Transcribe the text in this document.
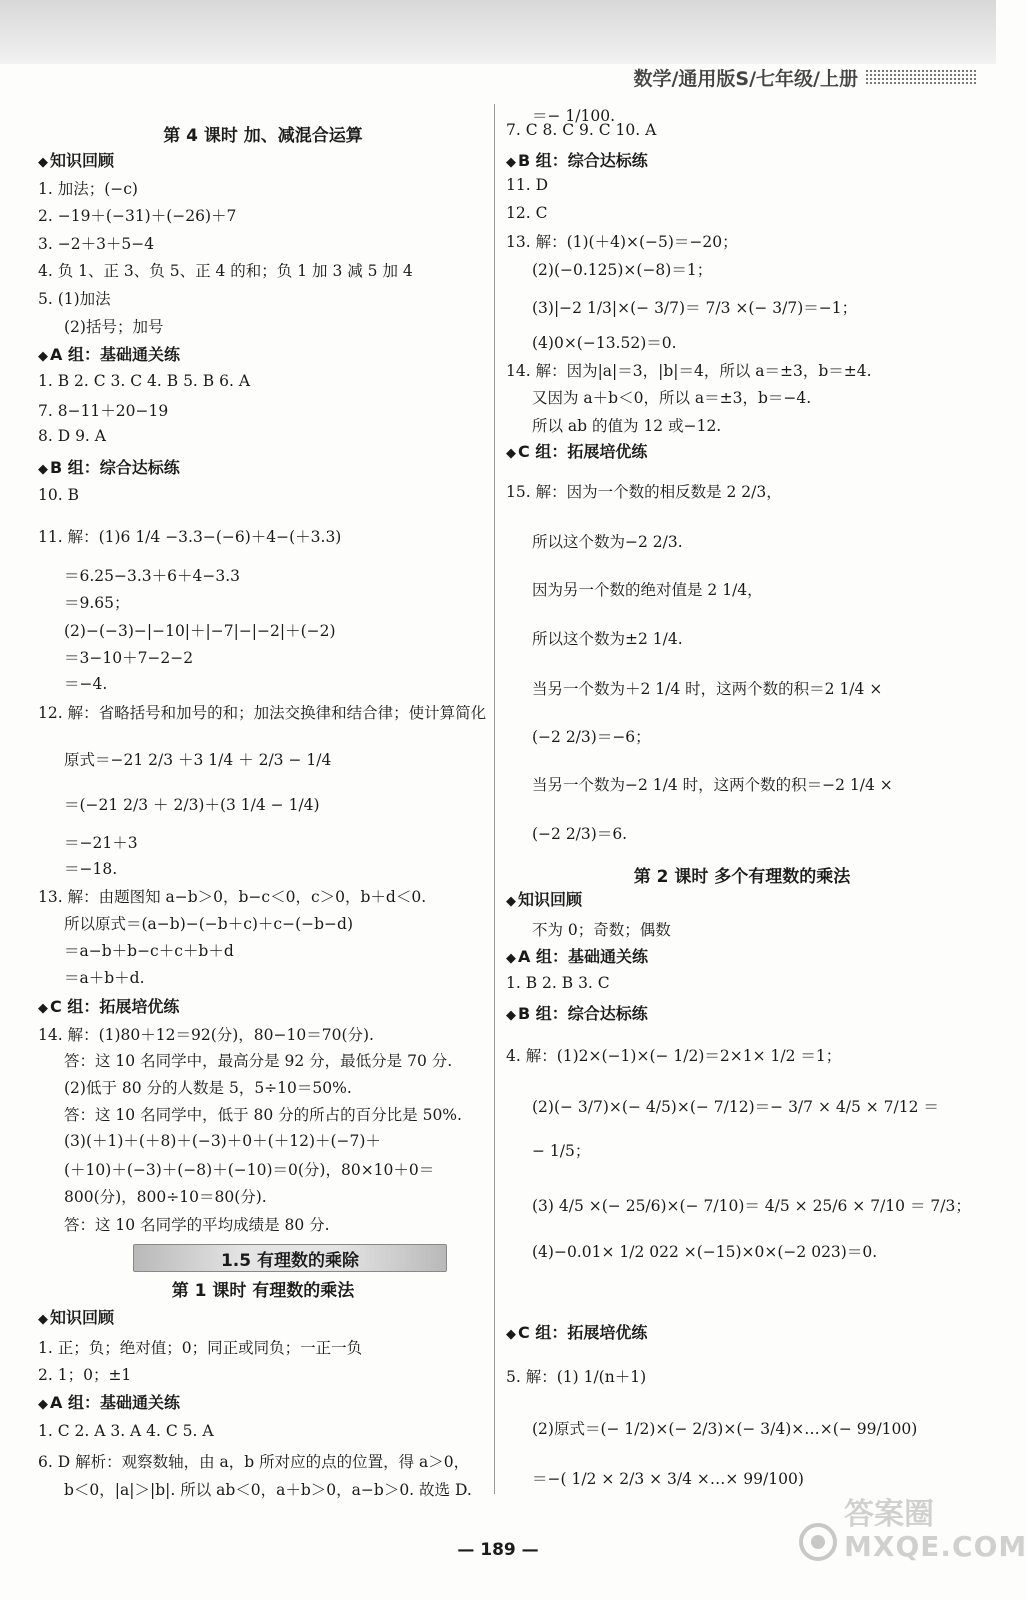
数学/通用版S/七年级/上册
第 4 课时 加、减混合运算
◆ 知识回顾
1. 加法；(−c)
2. −19＋(−31)＋(−26)＋7
3. −2＋3＋5−4
4. 负 1、正 3、负 5、正 4 的和；负 1 加 3 减 5 加 4
5. (1)加法
(2)括号；加号
◆ A 组：基础通关练
1. B 2. C 3. C 4. B 5. B 6. A
7. 8−11＋20−19
8. D 9. A
◆ B 组：综合达标练
10. B
11. 解：(1)6 1/4 −3.3−(−6)＋4−(＋3.3)
＝6.25−3.3＋6＋4−3.3
＝9.65；
(2)−(−3)−|−10|＋|−7|−|−2|＋(−2)
＝3−10＋7−2−2
＝−4.
12. 解：省略括号和加号的和；加法交换律和结合律；使计算简化
原式＝−21 2/3 ＋3 1/4 ＋ 2/3 − 1/4
＝(−21 2/3 ＋ 2/3)＋(3 1/4 − 1/4)
＝−21＋3
＝−18.
13. 解：由题图知 a−b＞0，b−c＜0，c＞0，b＋d＜0.
所以原式＝(a−b)−(−b＋c)＋c−(−b−d)
＝a−b＋b−c＋c＋b＋d
＝a＋b＋d.
◆ C 组：拓展培优练
14. 解：(1)80＋12＝92(分)，80−10＝70(分).
答：这 10 名同学中，最高分是 92 分，最低分是 70 分.
(2)低于 80 分的人数是 5，5÷10＝50%.
答：这 10 名同学中，低于 80 分的所占的百分比是 50%.
(3)(＋1)＋(＋8)＋(−3)＋0＋(＋12)＋(−7)＋
(＋10)＋(−3)＋(−8)＋(−10)＝0(分)，80×10＋0＝
800(分)，800÷10＝80(分).
答：这 10 名同学的平均成绩是 80 分.
1.5 有理数的乘除
第 1 课时 有理数的乘法
◆ 知识回顾
1. 正；负；绝对值；0；同正或同负；一正一负
2. 1；0；±1
◆ A 组：基础通关练
1. C 2. A 3. A 4. C 5. A
6. D 解析：观察数轴，由 a，b 所对应的点的位置，得 a＞0，
b＜0，|a|＞|b|. 所以 ab＜0，a＋b＞0，a−b＞0. 故选 D.
7. C 8. C 9. C 10. A
◆ B 组：综合达标练
11. D
12. C
13. 解：(1)(＋4)×(−5)＝−20；
(2)(−0.125)×(−8)＝1；
(3)|−2 1/3|×(− 3/7)＝ 7/3 ×(− 3/7)＝−1；
(4)0×(−13.52)＝0.
14. 解：因为|a|＝3，|b|＝4，所以 a＝±3，b＝±4.
又因为 a＋b＜0，所以 a＝±3，b＝−4.
所以 ab 的值为 12 或−12.
◆ C 组：拓展培优练
15. 解：因为一个数的相反数是 2 2/3，
所以这个数为−2 2/3.
因为另一个数的绝对值是 2 1/4，
所以这个数为±2 1/4.
当另一个数为＋2 1/4 时，这两个数的积＝2 1/4 ×
(−2 2/3)＝−6；
当另一个数为−2 1/4 时，这两个数的积＝−2 1/4 ×
(−2 2/3)＝6.
第 2 课时 多个有理数的乘法
◆ 知识回顾
不为 0；奇数；偶数
◆ A 组：基础通关练
1. B 2. B 3. C
◆ B 组：综合达标练
4. 解：(1)2×(−1)×(− 1/2)＝2×1× 1/2 ＝1；
(2)(− 3/7)×(− 4/5)×(− 7/12)＝− 3/7 × 4/5 × 7/12 ＝
− 1/5；
(3) 4/5 ×(− 25/6)×(− 7/10)＝ 4/5 × 25/6 × 7/10 ＝ 7/3；
(4)−0.01× 1/2 022 ×(−15)×0×(−2 023)＝0.
◆ C 组：拓展培优练
5. 解：(1) 1/(n＋1)
(2)原式＝(− 1/2)×(− 2/3)×(− 3/4)×…×(− 99/100)
＝−( 1/2 × 2/3 × 3/4 ×…× 99/100)
＝− 1/100.
— 189 —
答案圈
MXQE.COM
